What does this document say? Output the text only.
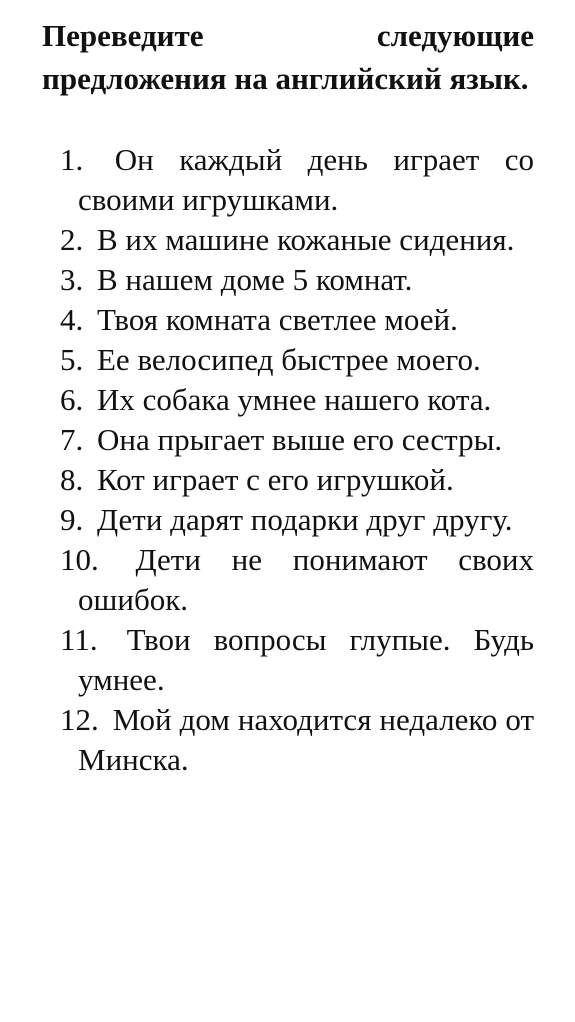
Переведите следующие предложения на английский язык.

1. Он каждый день играет со своими игрушками.
2. В их машине кожаные сидения.
3. В нашем доме 5 комнат.
4. Твоя комната светлее моей.
5. Ее велосипед быстрее моего.
6. Их собака умнее нашего кота.
7. Она прыгает выше его сестры.
8. Кот играет с его игрушкой.
9. Дети дарят подарки друг другу.
10. Дети не понимают своих ошибок.
11. Твои вопросы глупые. Будь умнее.
12. Мой дом находится недалеко от Минска.
